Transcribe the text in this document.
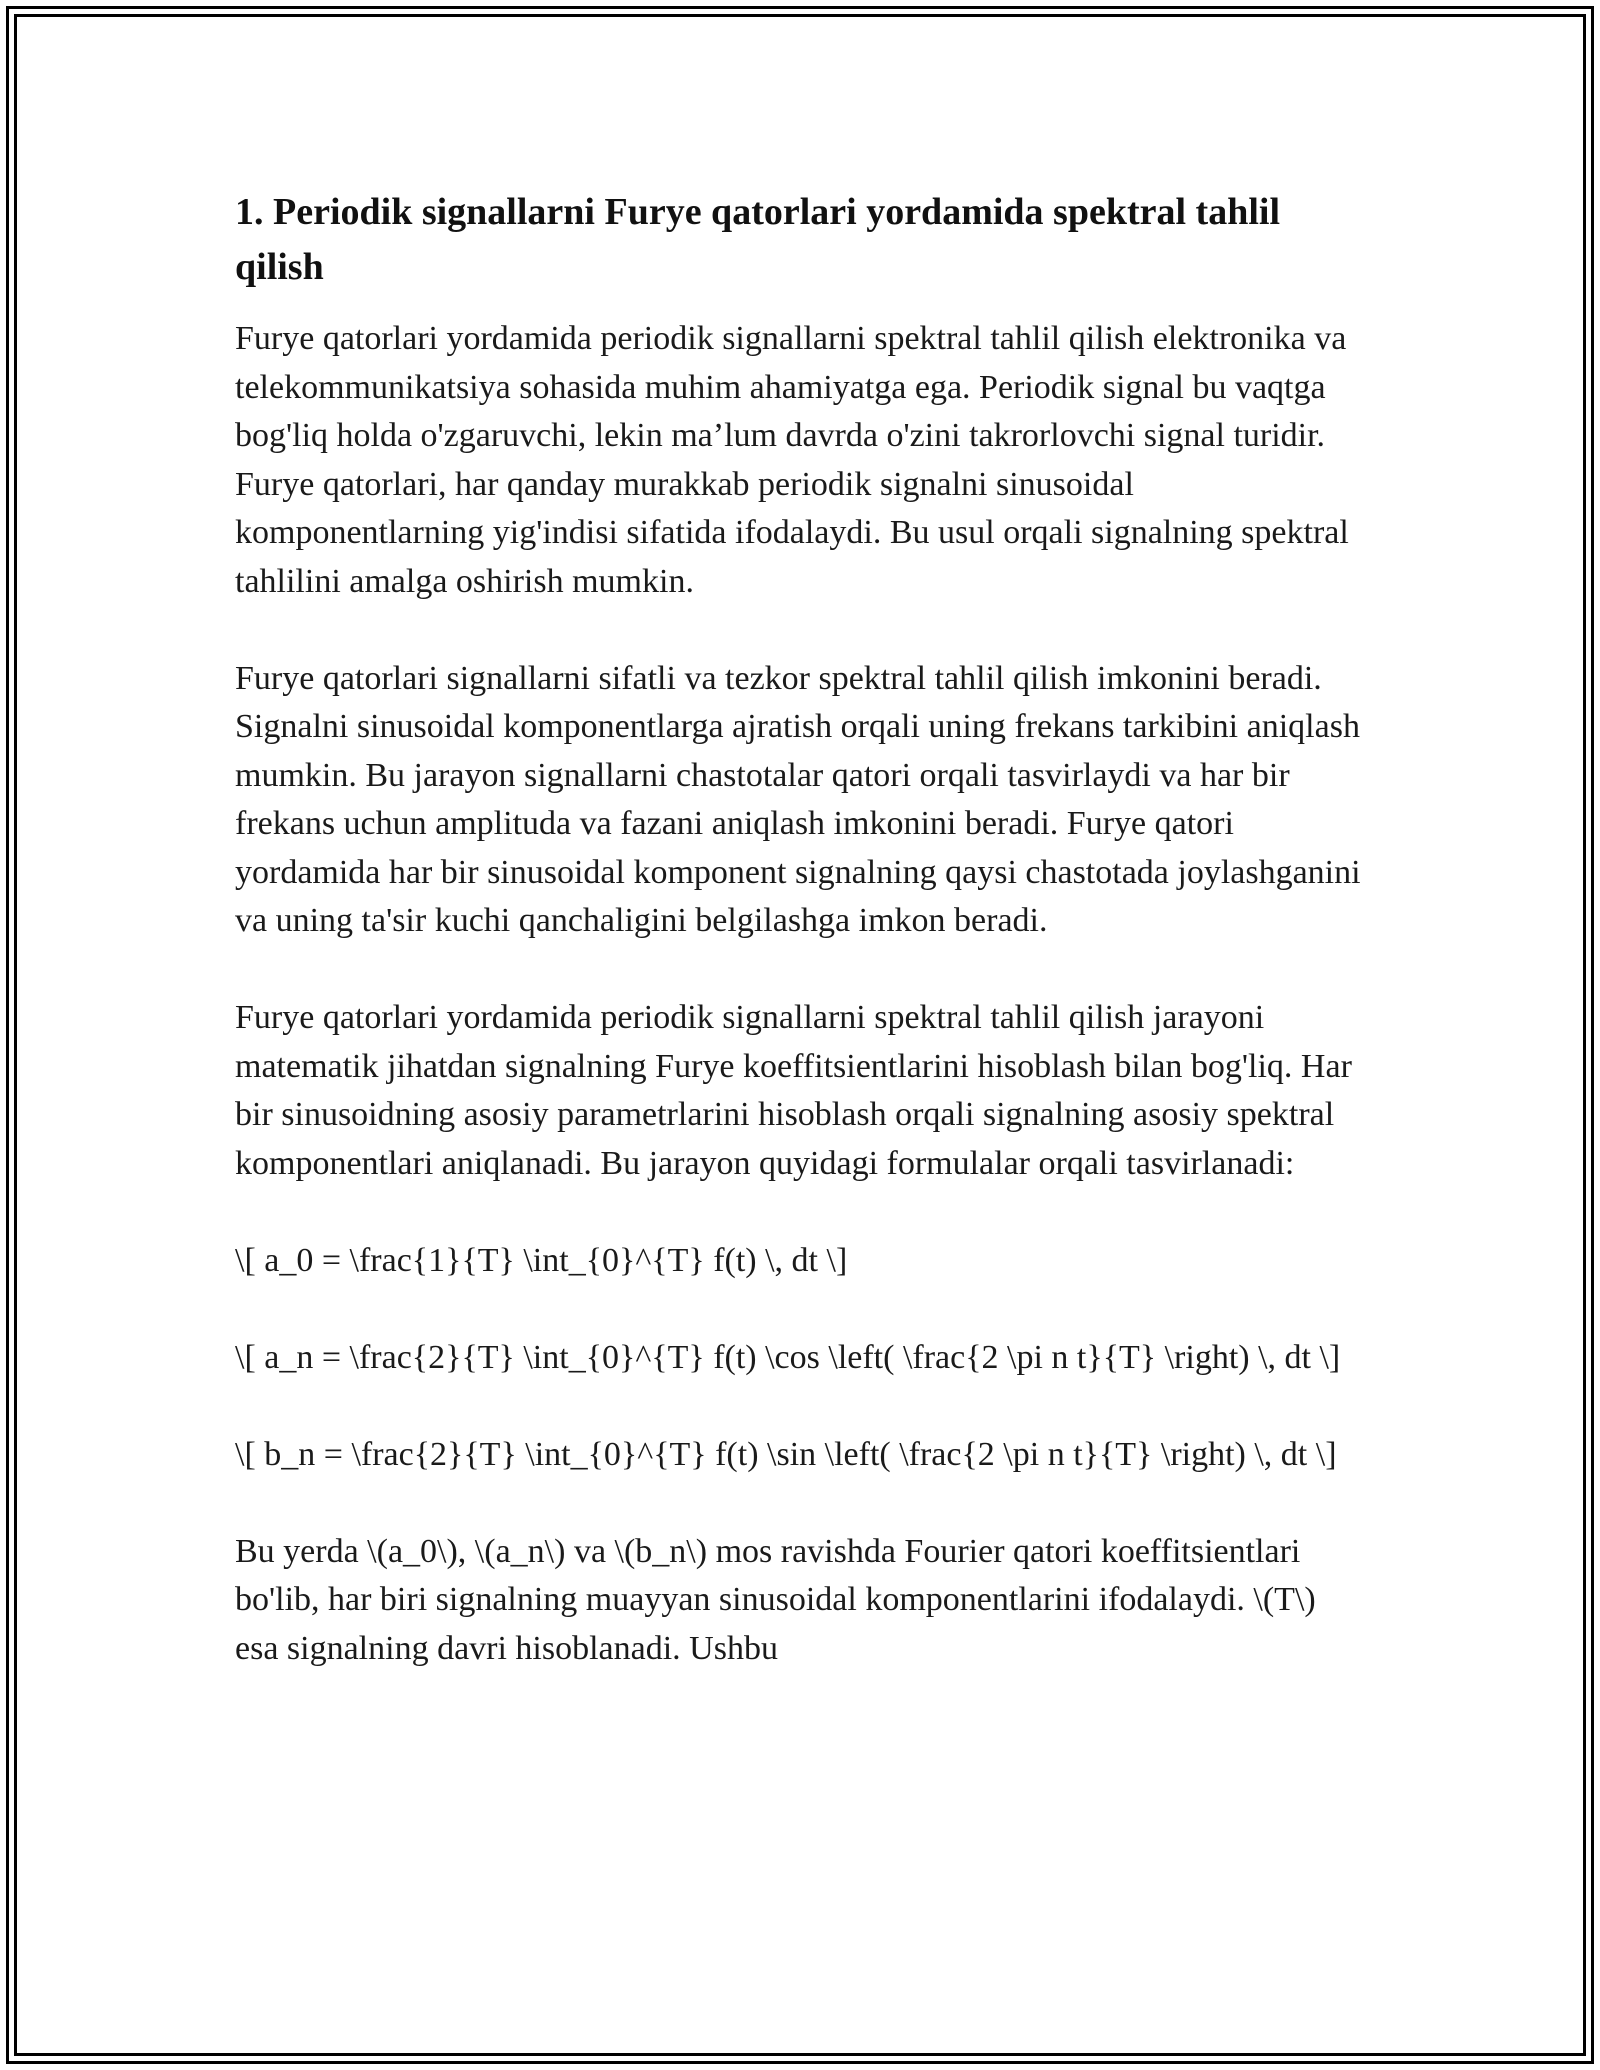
1. Periodik signallarni Furye qatorlari yordamida spektral tahlil qilish

Furye qatorlari yordamida periodik signallarni spektral tahlil qilish elektronika va telekommunikatsiya sohasida muhim ahamiyatga ega. Periodik signal bu vaqtga bog'liq holda o'zgaruvchi, lekin ma’lum davrda o'zini takrorlovchi signal turidir. Furye qatorlari, har qanday murakkab periodik signalni sinusoidal komponentlarning yig'indisi sifatida ifodalaydi. Bu usul orqali signalning spektral tahlilini amalga oshirish mumkin.

Furye qatorlari signallarni sifatli va tezkor spektral tahlil qilish imkonini beradi. Signalni sinusoidal komponentlarga ajratish orqali uning frekans tarkibini aniqlash mumkin. Bu jarayon signallarni chastotalar qatori orqali tasvirlaydi va har bir frekans uchun amplituda va fazani aniqlash imkonini beradi. Furye qatori yordamida har bir sinusoidal komponent signalning qaysi chastotada joylashganini va uning ta'sir kuchi qanchaligini belgilashga imkon beradi.

Furye qatorlari yordamida periodik signallarni spektral tahlil qilish jarayoni matematik jihatdan signalning Furye koeffitsientlarini hisoblash bilan bog'liq. Har bir sinusoidning asosiy parametrlarini hisoblash orqali signalning asosiy spektral komponentlari aniqlanadi. Bu jarayon quyidagi formulalar orqali tasvirlanadi:

\[ a_0 = \frac{1}{T} \int_{0}^{T} f(t) \, dt \]

\[ a_n = \frac{2}{T} \int_{0}^{T} f(t) \cos \left( \frac{2 \pi n t}{T} \right) \, dt \]

\[ b_n = \frac{2}{T} \int_{0}^{T} f(t) \sin \left( \frac{2 \pi n t}{T} \right) \, dt \]

Bu yerda \(a_0\), \(a_n\) va \(b_n\) mos ravishda Fourier qatori koeffitsientlari bo'lib, har biri signalning muayyan sinusoidal komponentlarini ifodalaydi. \(T\) esa signalning davri hisoblanadi. Ushbu
